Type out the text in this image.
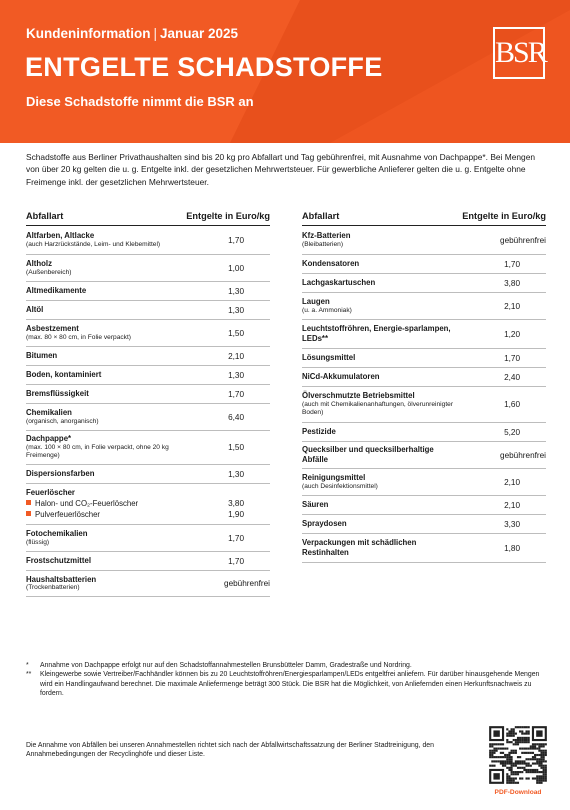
Kundeninformation | Januar 2025
ENTGELTE SCHADSTOFFE
Diese Schadstoffe nimmt die BSR an
BSR
Schadstoffe aus Berliner Privathaushalten sind bis 20 kg pro Abfallart und Tag gebührenfrei, mit Ausnahme von Dachpappe*. Bei Mengen von über 20 kg gelten die u. g. Entgelte inkl. der gesetzlichen Mehrwertsteuer. Für gewerbliche Anlieferer gelten die u. g. Entgelte ohne Freimenge inkl. der gesetzlichen Mehrwertsteuer.
Abfallart	Entgelte in Euro/kg
Altfarben, Altlacke
(auch Harzrückstände, Leim- und Klebemittel)	1,70
Altholz
(Außenbereich)	1,00
Altmedikamente	1,30
Altöl	1,30
Asbestzement
(max. 80 × 80 cm, in Folie verpackt)	1,50
Bitumen	2,10
Boden, kontaminiert	1,30
Bremsflüssigkeit	1,70
Chemikalien
(organisch, anorganisch)	6,40
Dachpappe*
(max. 100 × 80 cm, in Folie verpackt, ohne 20 kg Freimenge)
1,50
Dispersionsfarben	1,30
Feuerlöscher
Halon- und CO₂-Feuerlöscher	3,80
Pulverfeuerlöscher	1,90
Fotochemikalien
(flüssig)	1,70
Frostschutzmittel	1,70
Haushaltsbatterien
(Trockenbatterien)	gebührenfrei
Abfallart	Entgelte in Euro/kg
Kfz-Batterien
(Bleibatterien)	gebührenfrei
Kondensatoren	1,70
Lachgaskartuschen	3,80
Laugen
(u. a. Ammoniak)	2,10
Leuchtstoffröhren, Energie-sparlampen, LEDs**	1,20
Lösungsmittel	1,70
NiCd-Akkumulatoren	2,40
Ölverschmutzte Betriebsmittel
(auch mit Chemikalienanhaftungen, ölverunreinigter Boden)
1,60
Pestizide	5,20
Quecksilber und quecksilberhaltige Abfälle	gebührenfrei
Reinigungsmittel
(auch Desinfektionsmittel)	2,10
Säuren	2,10
Spraydosen	3,30
Verpackungen mit schädlichen Restinhalten	1,80
*	Annahme von Dachpappe erfolgt nur auf den Schadstoffannahmestellen Brunsbütteler Damm, Gradestraße und Nordring.
**	Kleingewerbe sowie Vertreiber/Fachhändler können bis zu 20 Leuchtstoffröhren/Energiesparlampen/LEDs entgeltfrei anliefern. Für darüber hinausgehende Mengen wird ein Handlingaufwand berechnet. Die maximale Anliefermenge beträgt 300 Stück. Die BSR hat die Möglichkeit, von Anliefernden einen Herkunftsnachweis zu fordern.
Die Annahme von Abfällen bei unseren Annahmestellen richtet sich nach der Abfallwirtschaftssatzung der Berliner Stadtreinigung, den Annahmebedingungen der Recyclinghöfe und dieser Liste.
PDF-Download
